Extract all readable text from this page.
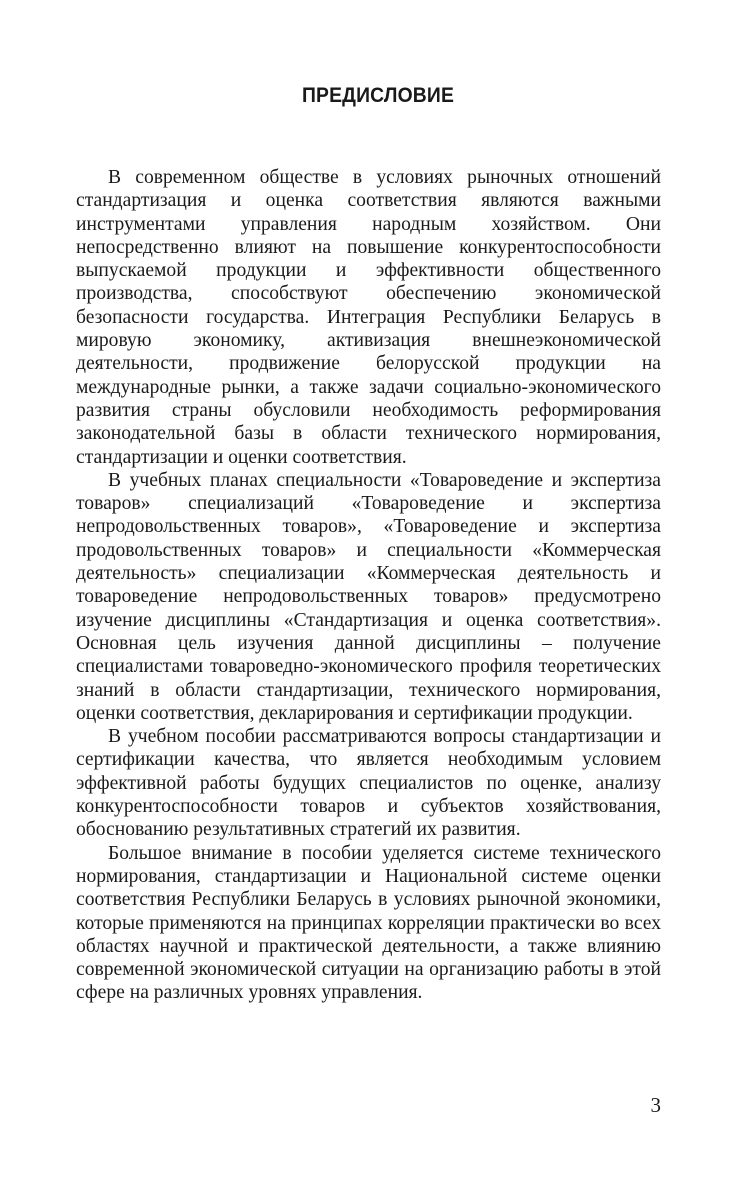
ПРЕДИСЛОВИЕ

В современном обществе в условиях рыночных отношений стандартизация и оценка соответствия являются важными инструментами управления народным хозяйством. Они непосредственно влияют на повышение конкурентоспособности выпускаемой продукции и эффективности общественного производства, способствуют обеспечению экономической безопасности государства. Интеграция Республики Беларусь в мировую экономику, активизация внешнеэкономической деятельности, продвижение белорусской продукции на международные рынки, а также задачи социально-экономического развития страны обусловили необходимость реформирования законодательной базы в области технического нормирования, стандартизации и оценки соответствия.

В учебных планах специальности «Товароведение и экспертиза товаров» специализаций «Товароведение и экспертиза непродовольственных товаров», «Товароведение и экспертиза продовольственных товаров» и специальности «Коммерческая деятельность» специализации «Коммерческая деятельность и товароведение непродовольственных товаров» предусмотрено изучение дисциплины «Стандартизация и оценка соответствия». Основная цель изучения данной дисциплины – получение специалистами товароведно-экономического профиля теоретических знаний в области стандартизации, технического нормирования, оценки соответствия, декларирования и сертификации продукции.

В учебном пособии рассматриваются вопросы стандартизации и сертификации качества, что является необходимым условием эффективной работы будущих специалистов по оценке, анализу конкурентоспособности товаров и субъектов хозяйствования, обоснованию результативных стратегий их развития.

Большое внимание в пособии уделяется системе технического нормирования, стандартизации и Национальной системе оценки соответствия Республики Беларусь в условиях рыночной экономики, которые применяются на принципах корреляции практически во всех областях научной и практической деятельности, а также влиянию современной экономической ситуации на организацию работы в этой сфере на различных уровнях управления.

3
